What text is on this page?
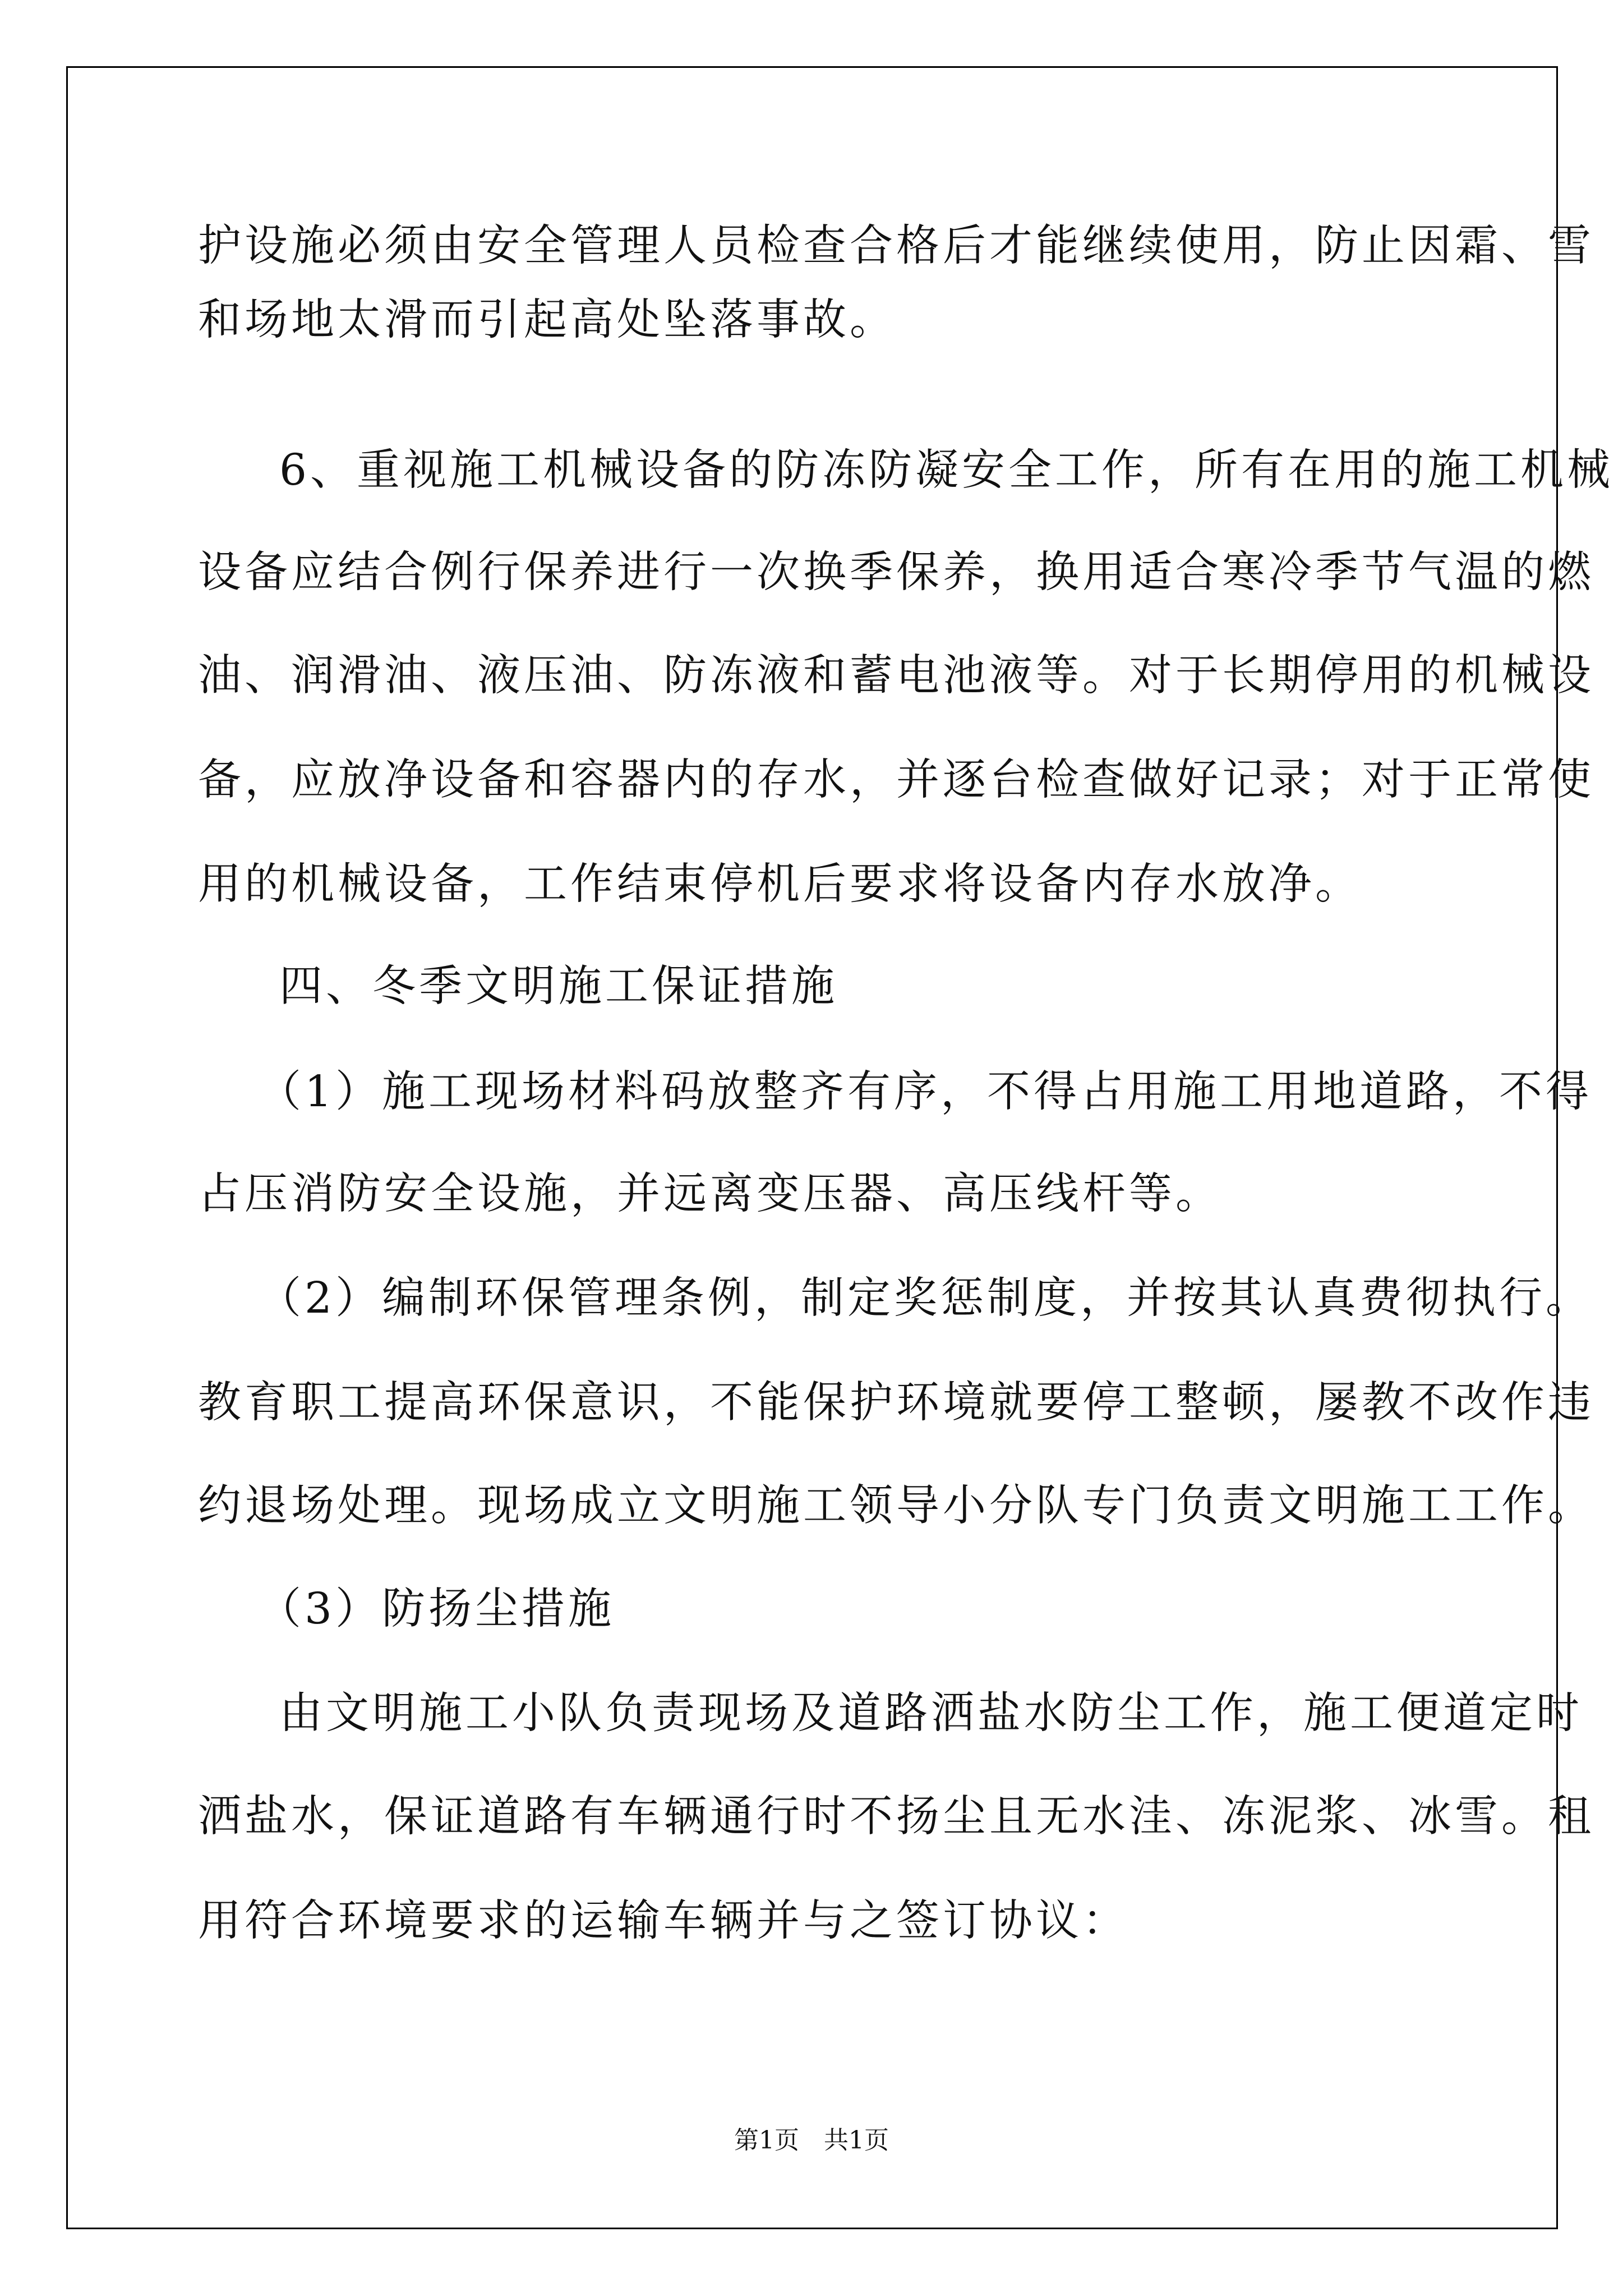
护设施必须由安全管理人员检查合格后才能继续使用，防止因霜、雪
和场地太滑而引起高处坠落事故。
6、重视施工机械设备的防冻防凝安全工作，所有在用的施工机械
设备应结合例行保养进行一次换季保养，换用适合寒冷季节气温的燃
油、润滑油、液压油、防冻液和蓄电池液等。对于长期停用的机械设
备，应放净设备和容器内的存水，并逐台检查做好记录；对于正常使
用的机械设备，工作结束停机后要求将设备内存水放净。
四、冬季文明施工保证措施
（1）施工现场材料码放整齐有序，不得占用施工用地道路，不得
占压消防安全设施，并远离变压器、高压线杆等。
（2）编制环保管理条例，制定奖惩制度，并按其认真费彻执行。
教育职工提高环保意识，不能保护环境就要停工整顿，屡教不改作违
约退场处理。现场成立文明施工领导小分队专门负责文明施工工作。
（3）防扬尘措施
由文明施工小队负责现场及道路洒盐水防尘工作，施工便道定时
洒盐水，保证道路有车辆通行时不扬尘且无水洼、冻泥浆、冰雪。租
用符合环境要求的运输车辆并与之签订协议：
第1页　共1页
